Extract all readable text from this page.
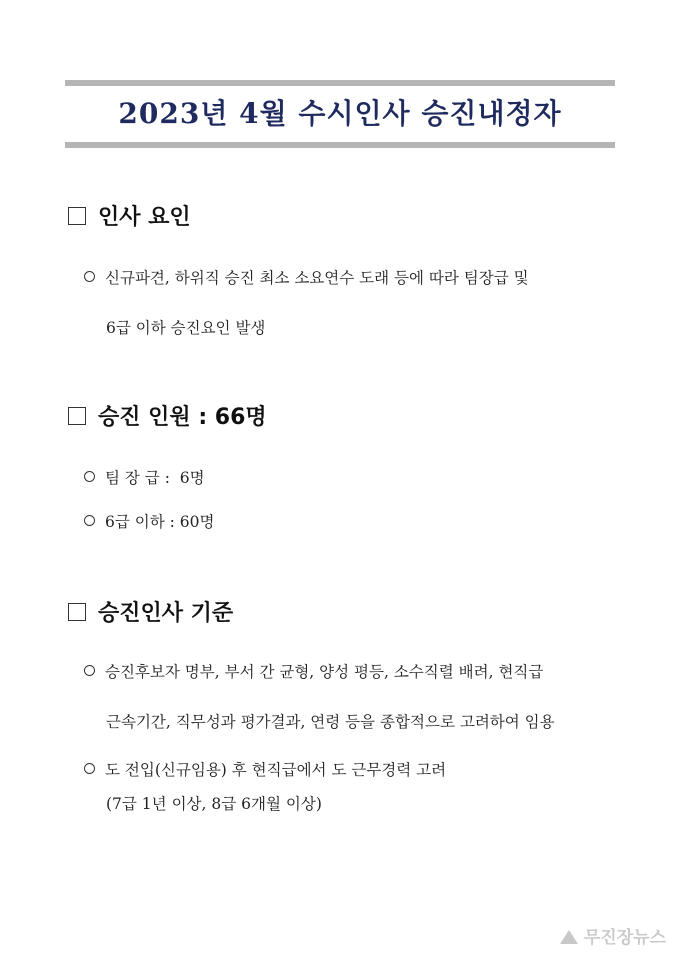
2023년 4월 수시인사 승진내정자
인사 요인
신규파견, 하위직 승진 최소 소요연수 도래 등에 따라 팀장급 및
6급 이하 승진요인 발생
승진 인원 : 66명
팀 장 급 :  6명
6급 이하 : 60명
승진인사 기준
승진후보자 명부, 부서 간 균형, 양성 평등, 소수직렬 배려, 현직급
근속기간, 직무성과 평가결과, 연령 등을 종합적으로 고려하여 임용
도 전입(신규임용) 후 현직급에서 도 근무경력 고려
(7급 1년 이상, 8급 6개월 이상)
무진장뉴스
